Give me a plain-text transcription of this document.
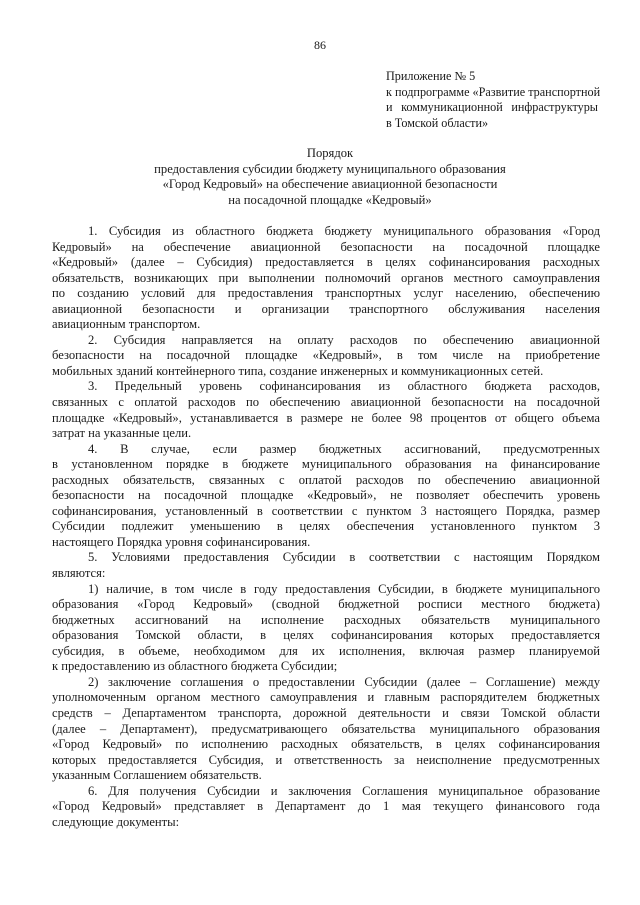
86
Приложение № 5
к подпрограмме «Развитие транспортной
и коммуникационной инфраструктуры
в Томской области»
Порядок
предоставления субсидии бюджету муниципального образования
«Город Кедровый» на обеспечение авиационной безопасности
на посадочной площадке «Кедровый»
1. Субсидия из областного бюджета бюджету муниципального образования «Город
Кедровый» на обеспечение авиационной безопасности на посадочной площадке
«Кедровый» (далее – Субсидия) предоставляется в целях софинансирования расходных
обязательств, возникающих при выполнении полномочий органов местного самоуправления
по созданию условий для предоставления транспортных услуг населению, обеспечению
авиационной безопасности и организации транспортного обслуживания населения
авиационным транспортом.
2. Субсидия направляется на оплату расходов по обеспечению авиационной
безопасности на посадочной площадке «Кедровый», в том числе на приобретение
мобильных зданий контейнерного типа, создание инженерных и коммуникационных сетей.
3. Предельный уровень софинансирования из областного бюджета расходов,
связанных с оплатой расходов по обеспечению авиационной безопасности на посадочной
площадке «Кедровый», устанавливается в размере не более 98 процентов от общего объема
затрат на указанные цели.
4. В случае, если размер бюджетных ассигнований, предусмотренных
в установленном порядке в бюджете муниципального образования на финансирование
расходных обязательств, связанных с оплатой расходов по обеспечению авиационной
безопасности на посадочной площадке «Кедровый», не позволяет обеспечить уровень
софинансирования, установленный в соответствии с пунктом 3 настоящего Порядка, размер
Субсидии подлежит уменьшению в целях обеспечения установленного пунктом 3
настоящего Порядка уровня софинансирования.
5. Условиями предоставления Субсидии в соответствии с настоящим Порядком
являются:
1) наличие, в том числе в году предоставления Субсидии, в бюджете муниципального
образования «Город Кедровый» (сводной бюджетной росписи местного бюджета)
бюджетных ассигнований на исполнение расходных обязательств муниципального
образования Томской области, в целях софинансирования которых предоставляется
субсидия, в объеме, необходимом для их исполнения, включая размер планируемой
к предоставлению из областного бюджета Субсидии;
2) заключение соглашения о предоставлении Субсидии (далее – Соглашение) между
уполномоченным органом местного самоуправления и главным распорядителем бюджетных
средств – Департаментом транспорта, дорожной деятельности и связи Томской области
(далее – Департамент), предусматривающего обязательства муниципального образования
«Город Кедровый» по исполнению расходных обязательств, в целях софинансирования
которых предоставляется Субсидия, и ответственность за неисполнение предусмотренных
указанным Соглашением обязательств.
6. Для получения Субсидии и заключения Соглашения муниципальное образование
«Город Кедровый» представляет в Департамент до 1 мая текущего финансового года
следующие документы:
